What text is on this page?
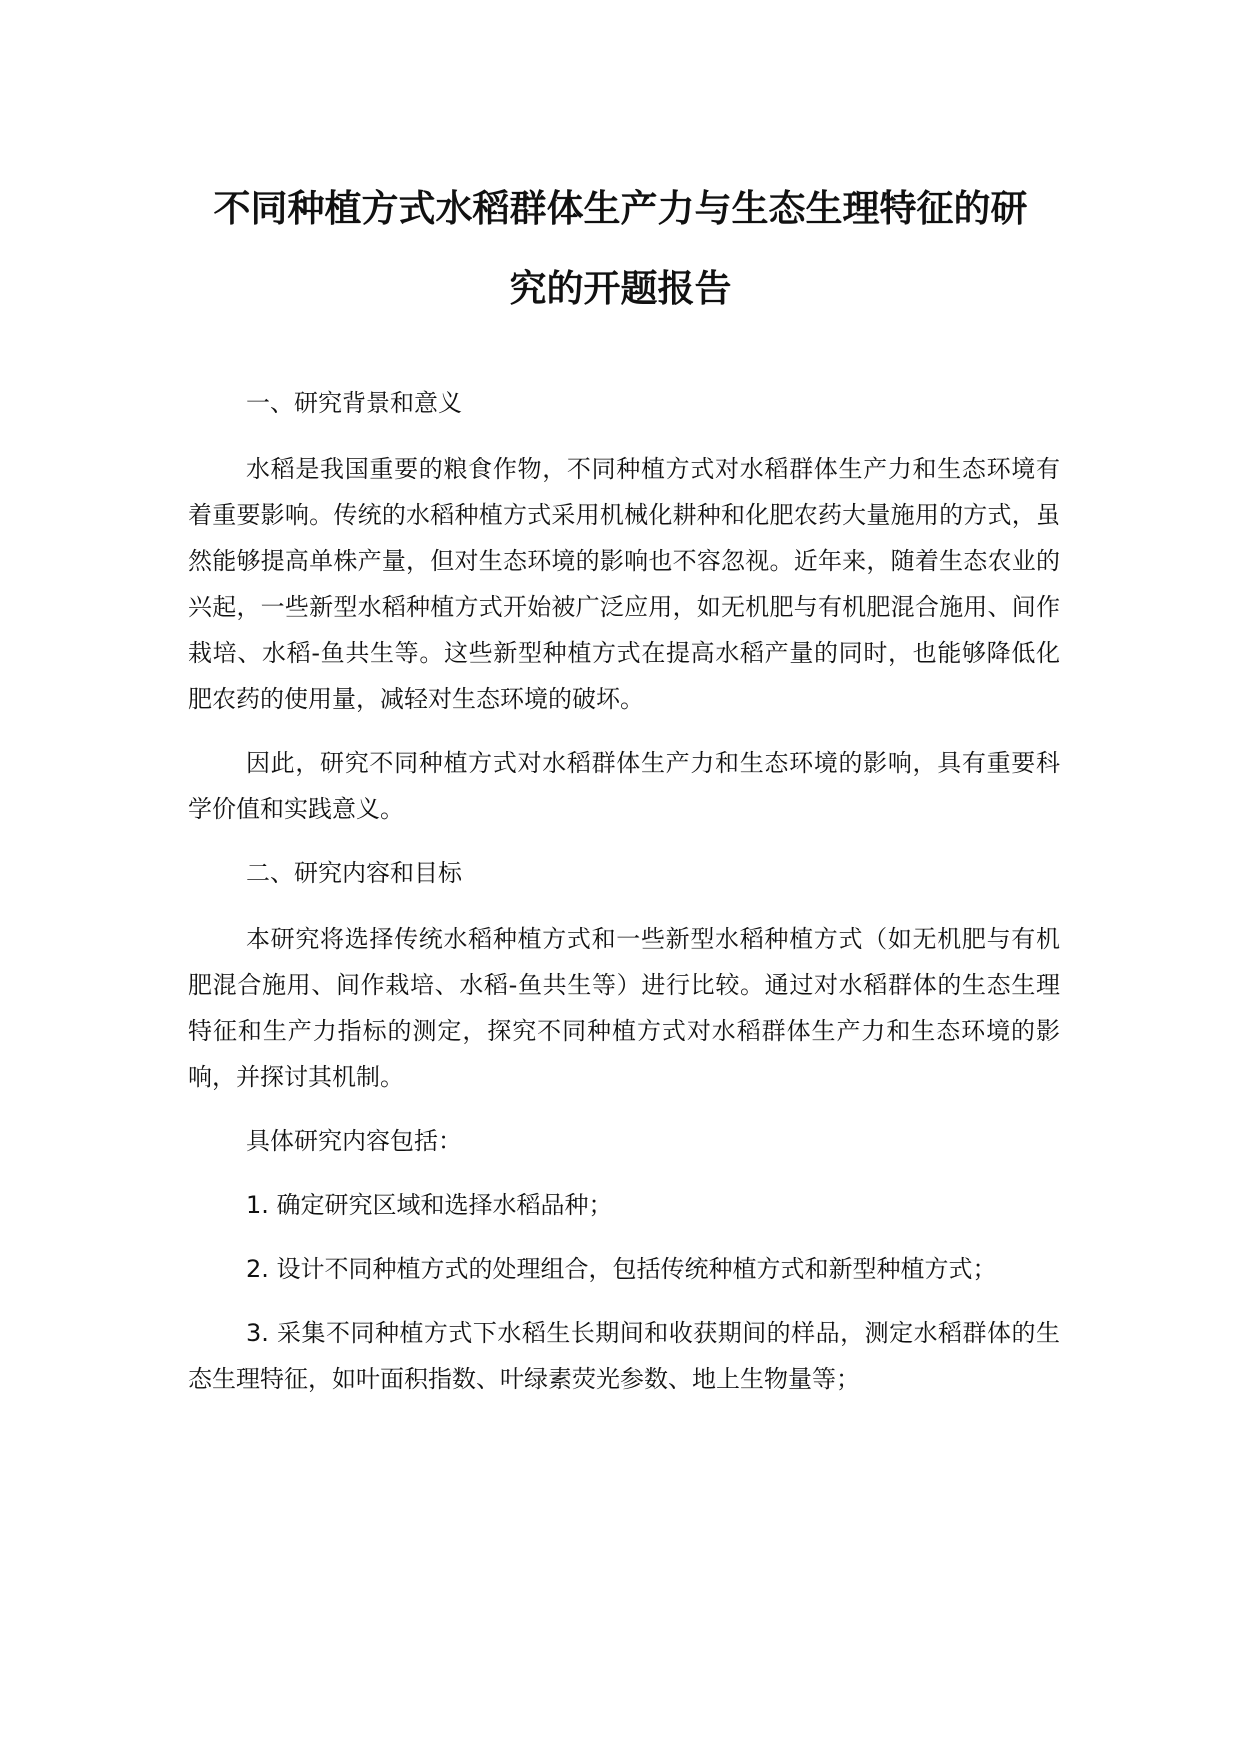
不同种植方式水稻群体生产力与生态生理特征的研
究的开题报告

一、研究背景和意义

水稻是我国重要的粮食作物，不同种植方式对水稻群体生产力和生态环境有着重要影响。传统的水稻种植方式采用机械化耕种和化肥农药大量施用的方式，虽然能够提高单株产量，但对生态环境的影响也不容忽视。近年来，随着生态农业的兴起，一些新型水稻种植方式开始被广泛应用，如无机肥与有机肥混合施用、间作栽培、水稻-鱼共生等。这些新型种植方式在提高水稻产量的同时，也能够降低化肥农药的使用量，减轻对生态环境的破坏。

因此，研究不同种植方式对水稻群体生产力和生态环境的影响，具有重要科学价值和实践意义。

二、研究内容和目标

本研究将选择传统水稻种植方式和一些新型水稻种植方式（如无机肥与有机肥混合施用、间作栽培、水稻-鱼共生等）进行比较。通过对水稻群体的生态生理特征和生产力指标的测定，探究不同种植方式对水稻群体生产力和生态环境的影响，并探讨其机制。

具体研究内容包括：

1. 确定研究区域和选择水稻品种；

2. 设计不同种植方式的处理组合，包括传统种植方式和新型种植方式；

3. 采集不同种植方式下水稻生长期间和收获期间的样品，测定水稻群体的生态生理特征，如叶面积指数、叶绿素荧光参数、地上生物量等；
